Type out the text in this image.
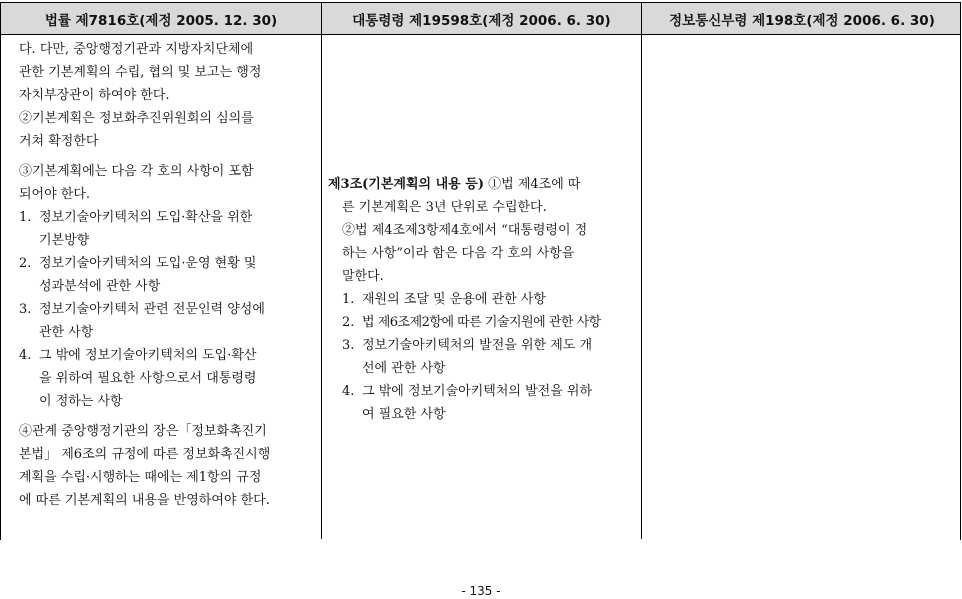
법률 제7816호(제정 2005. 12. 30)	대통령령 제19598호(제정 2006. 6. 30)	정보통신부령 제198호(제정 2006. 6. 30)
다. 다만, 중앙행정기관과 지방자치단체에
관한 기본계획의 수립, 협의 및 보고는 행정
자치부장관이 하여야 한다.
②기본계획은 정보화추진위원회의 심의를
거쳐 확정한다
③기본계획에는 다음 각 호의 사항이 포함
되어야 한다.
1. 정보기술아키텍처의 도입·확산을 위한
기본방향
2. 정보기술아키텍처의 도입·운영 현황 및
성과분석에 관한 사항
3. 정보기술아키텍처 관련 전문인력 양성에
관한 사항
4. 그 밖에 정보기술아키텍처의 도입·확산
을 위하여 필요한 사항으로서 대통령령
이 정하는 사항
④관계 중앙행정기관의 장은「정보화촉진기
본법」 제6조의 규정에 따른 정보화촉진시행
계획을 수립·시행하는 때에는 제1항의 규정
에 따른 기본계획의 내용을 반영하여야 한다.
제3조(기본계획의 내용 등) ①법 제4조에 따
른 기본계획은 3년 단위로 수립한다.
②법 제4조제3항제4호에서 “대통령령이 정
하는 사항”이라 함은 다음 각 호의 사항을
말한다.
1. 재원의 조달 및 운용에 관한 사항
2. 법 제6조제2항에 따른 기술지원에 관한 사항
3. 정보기술아키텍처의 발전을 위한 제도 개
선에 관한 사항
4. 그 밖에 정보기술아키텍처의 발전을 위하
여 필요한 사항
- 135 -
